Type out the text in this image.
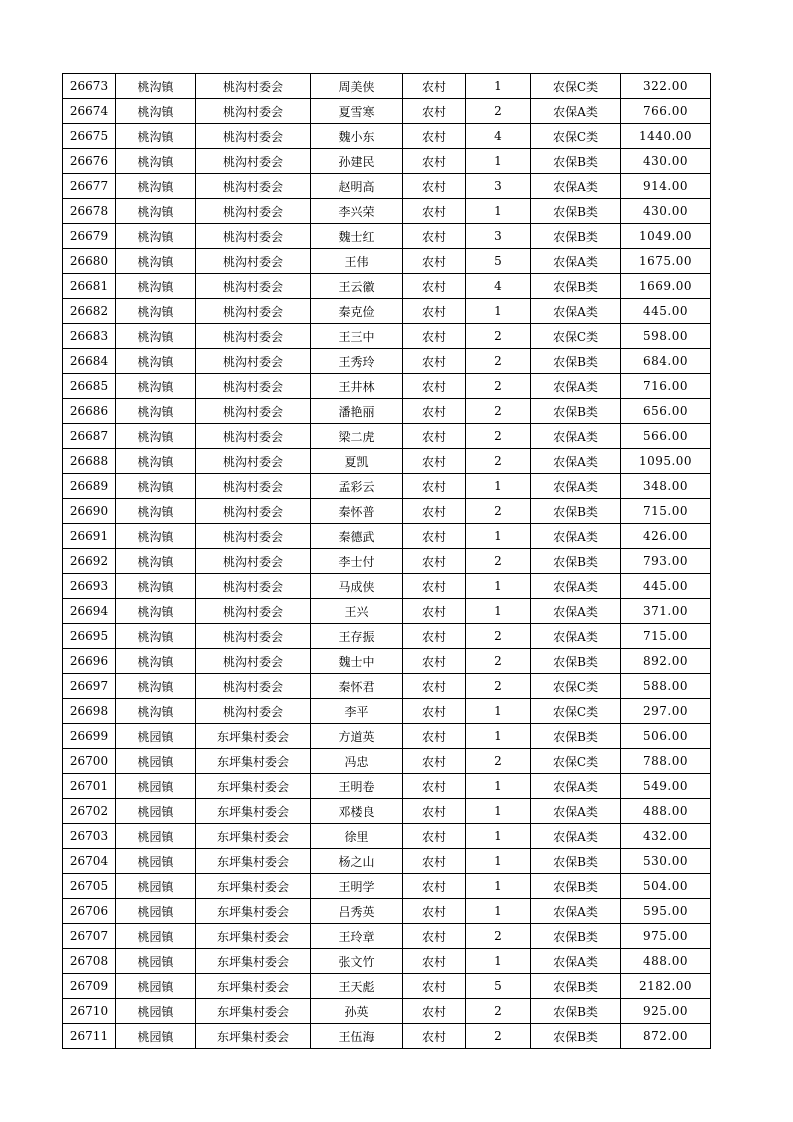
26673	桃沟镇	桃沟村委会	周美侠	农村	1	农保C类	322.00
26674	桃沟镇	桃沟村委会	夏雪寒	农村	2	农保A类	766.00
26675	桃沟镇	桃沟村委会	魏小东	农村	4	农保C类	1440.00
26676	桃沟镇	桃沟村委会	孙建民	农村	1	农保B类	430.00
26677	桃沟镇	桃沟村委会	赵明高	农村	3	农保A类	914.00
26678	桃沟镇	桃沟村委会	李兴荣	农村	1	农保B类	430.00
26679	桃沟镇	桃沟村委会	魏士红	农村	3	农保B类	1049.00
26680	桃沟镇	桃沟村委会	王伟	农村	5	农保A类	1675.00
26681	桃沟镇	桃沟村委会	王云徽	农村	4	农保B类	1669.00
26682	桃沟镇	桃沟村委会	秦克俭	农村	1	农保A类	445.00
26683	桃沟镇	桃沟村委会	王三中	农村	2	农保C类	598.00
26684	桃沟镇	桃沟村委会	王秀玲	农村	2	农保B类	684.00
26685	桃沟镇	桃沟村委会	王井林	农村	2	农保A类	716.00
26686	桃沟镇	桃沟村委会	潘艳丽	农村	2	农保B类	656.00
26687	桃沟镇	桃沟村委会	梁二虎	农村	2	农保A类	566.00
26688	桃沟镇	桃沟村委会	夏凯	农村	2	农保A类	1095.00
26689	桃沟镇	桃沟村委会	孟彩云	农村	1	农保A类	348.00
26690	桃沟镇	桃沟村委会	秦怀普	农村	2	农保B类	715.00
26691	桃沟镇	桃沟村委会	秦德武	农村	1	农保A类	426.00
26692	桃沟镇	桃沟村委会	李士付	农村	2	农保B类	793.00
26693	桃沟镇	桃沟村委会	马成侠	农村	1	农保A类	445.00
26694	桃沟镇	桃沟村委会	王兴	农村	1	农保A类	371.00
26695	桃沟镇	桃沟村委会	王存振	农村	2	农保A类	715.00
26696	桃沟镇	桃沟村委会	魏士中	农村	2	农保B类	892.00
26697	桃沟镇	桃沟村委会	秦怀君	农村	2	农保C类	588.00
26698	桃沟镇	桃沟村委会	李平	农村	1	农保C类	297.00
26699	桃园镇	东坪集村委会	方道英	农村	1	农保B类	506.00
26700	桃园镇	东坪集村委会	冯忠	农村	2	农保C类	788.00
26701	桃园镇	东坪集村委会	王明卷	农村	1	农保A类	549.00
26702	桃园镇	东坪集村委会	邓楼良	农村	1	农保A类	488.00
26703	桃园镇	东坪集村委会	徐里	农村	1	农保A类	432.00
26704	桃园镇	东坪集村委会	杨之山	农村	1	农保B类	530.00
26705	桃园镇	东坪集村委会	王明学	农村	1	农保B类	504.00
26706	桃园镇	东坪集村委会	吕秀英	农村	1	农保A类	595.00
26707	桃园镇	东坪集村委会	王玲章	农村	2	农保B类	975.00
26708	桃园镇	东坪集村委会	张文竹	农村	1	农保A类	488.00
26709	桃园镇	东坪集村委会	王天彪	农村	5	农保B类	2182.00
26710	桃园镇	东坪集村委会	孙英	农村	2	农保B类	925.00
26711	桃园镇	东坪集村委会	王伍海	农村	2	农保B类	872.00
